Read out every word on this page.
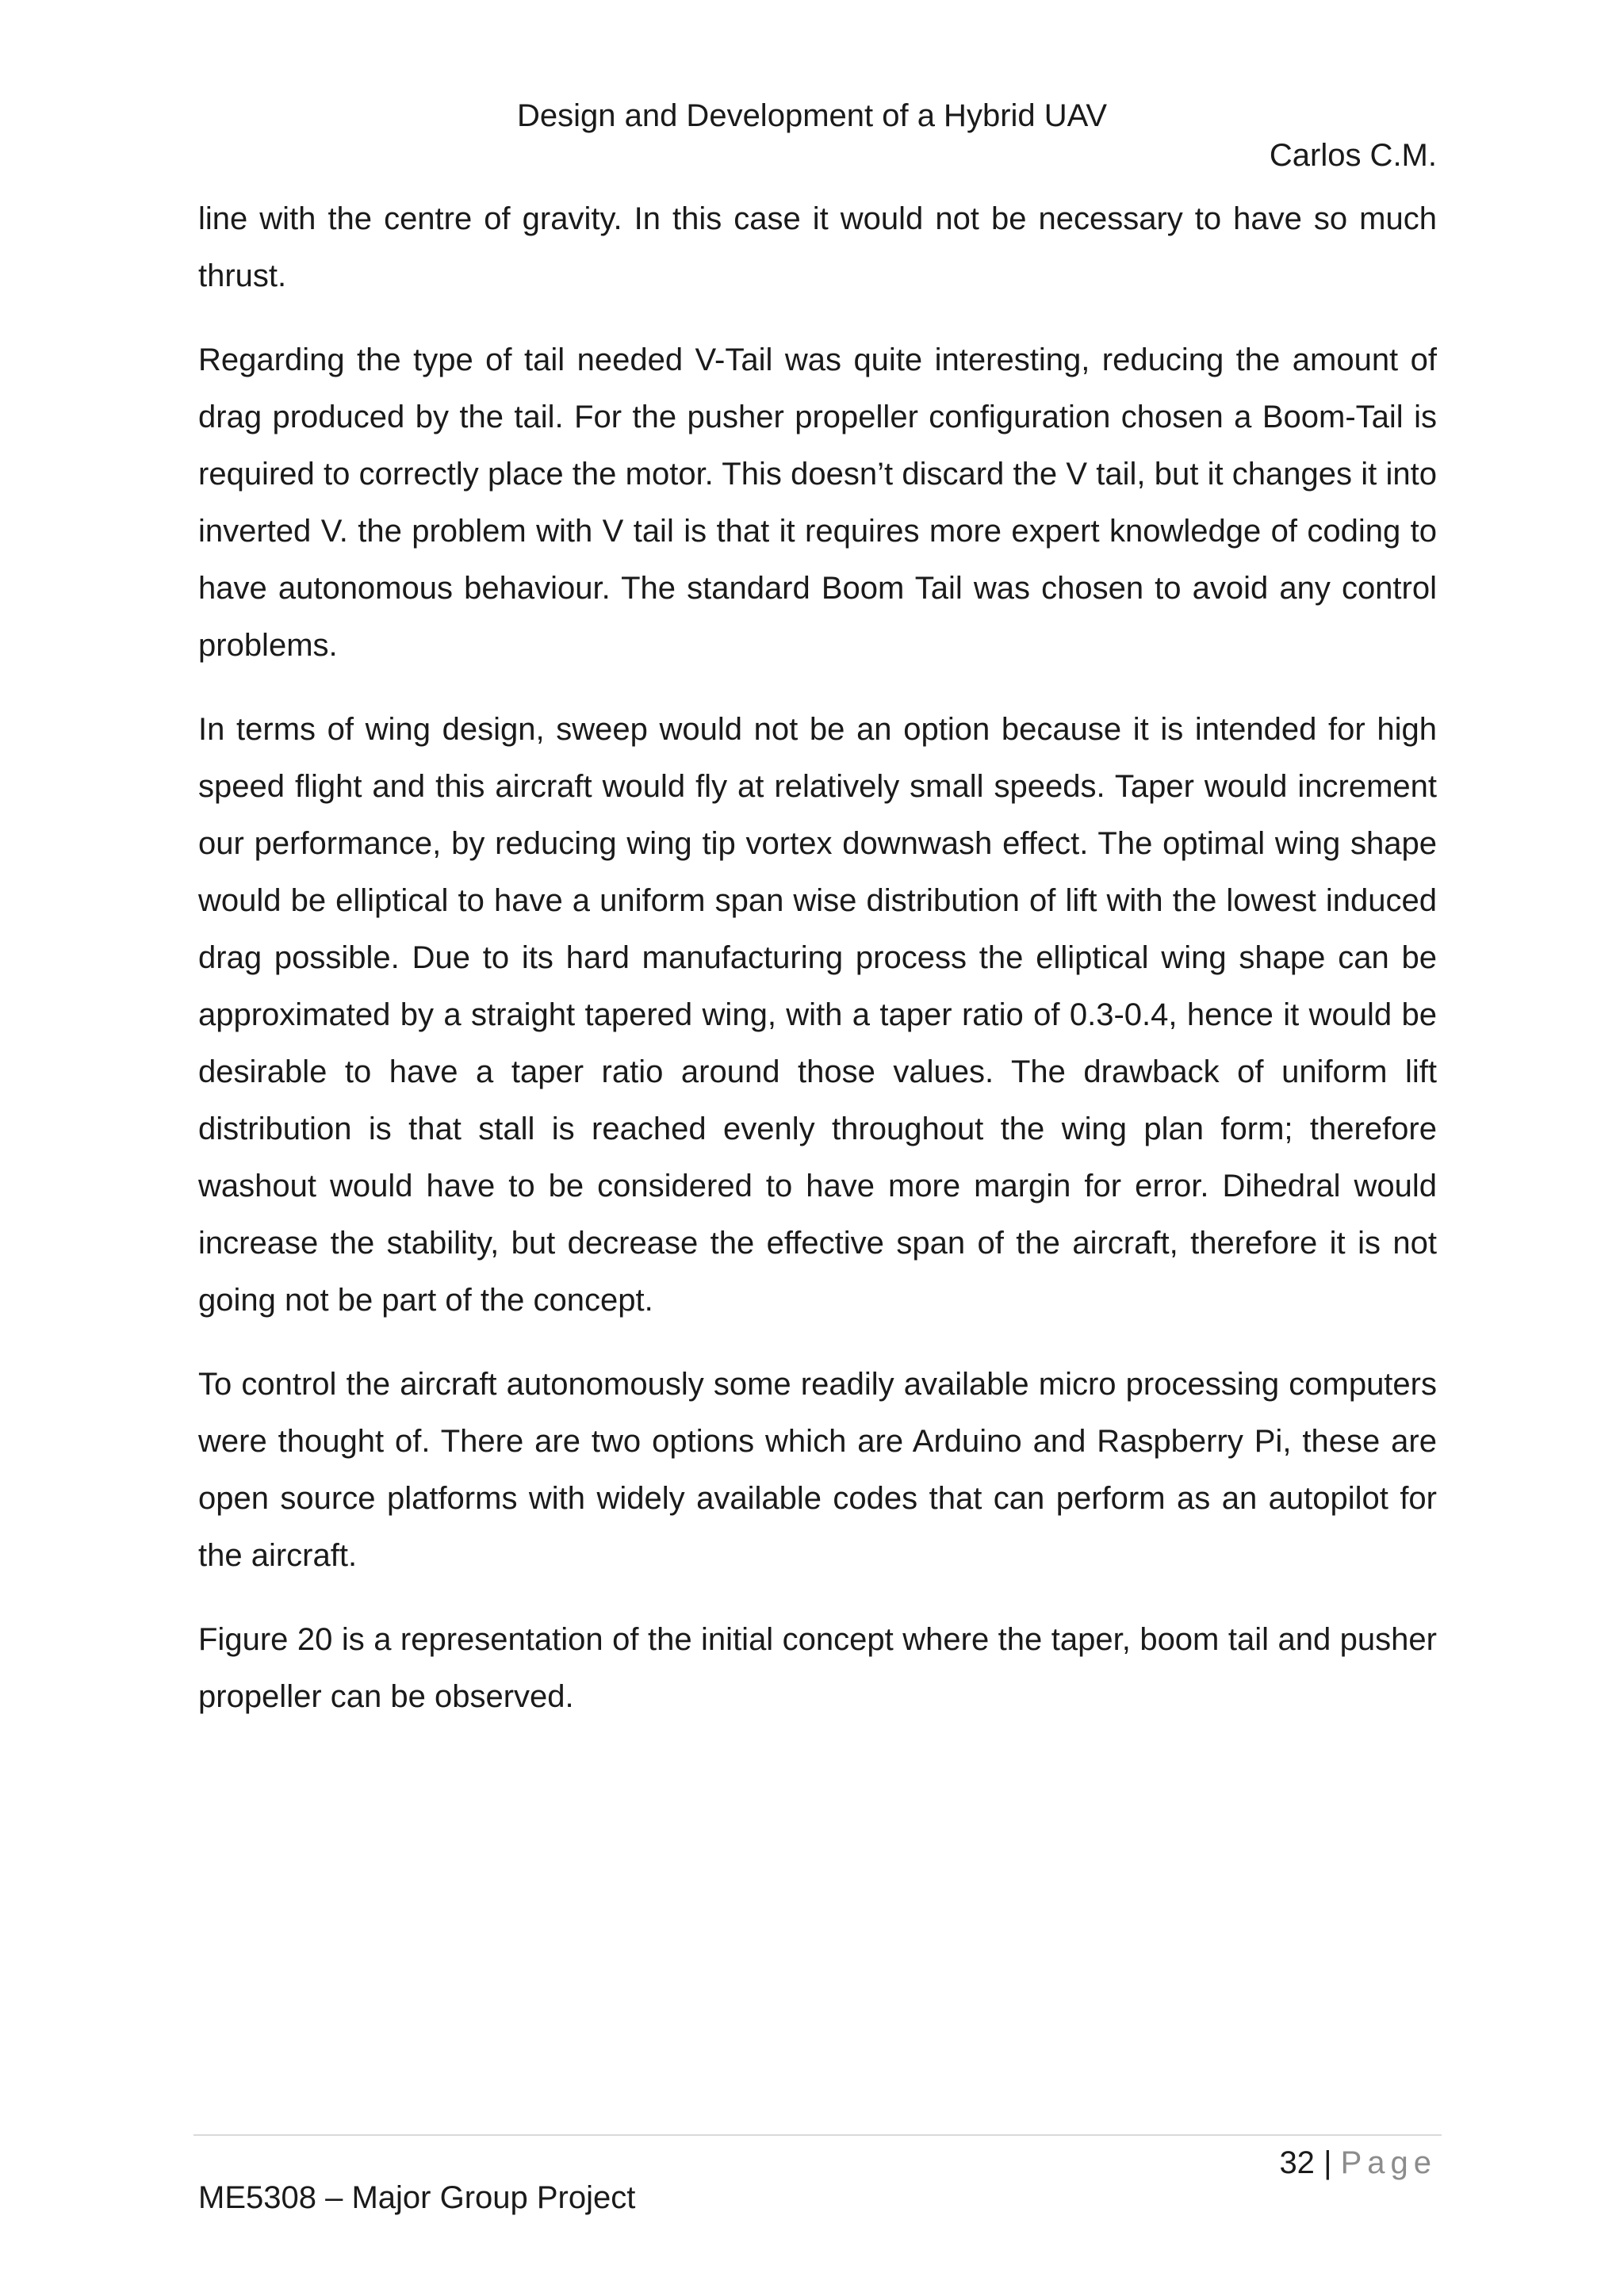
Design and Development of a Hybrid UAV
Carlos C.M.

line with the centre of gravity. In this case it would not be necessary to have so much thrust.

Regarding the type of tail needed V-Tail was quite interesting, reducing the amount of drag produced by the tail. For the pusher propeller configuration chosen a Boom-Tail is required to correctly place the motor. This doesn’t discard the V tail, but it changes it into inverted V. the problem with V tail is that it requires more expert knowledge of coding to have autonomous behaviour. The standard Boom Tail was chosen to avoid any control problems.

In terms of wing design, sweep would not be an option because it is intended for high speed flight and this aircraft would fly at relatively small speeds. Taper would increment our performance, by reducing wing tip vortex downwash effect. The optimal wing shape would be elliptical to have a uniform span wise distribution of lift with the lowest induced drag possible. Due to its hard manufacturing process the elliptical wing shape can be approximated by a straight tapered wing, with a taper ratio of 0.3-0.4, hence it would be desirable to have a taper ratio around those values. The drawback of uniform lift distribution is that stall is reached evenly throughout the wing plan form; therefore washout would have to be considered to have more margin for error. Dihedral would increase the stability, but decrease the effective span of the aircraft, therefore it is not going not be part of the concept.

To control the aircraft autonomously some readily available micro processing computers were thought of. There are two options which are Arduino and Raspberry Pi, these are open source platforms with widely available codes that can perform as an autopilot for the aircraft.

Figure 20 is a representation of the initial concept where the taper, boom tail and pusher propeller can be observed.

32 | Page
ME5308 – Major Group Project
